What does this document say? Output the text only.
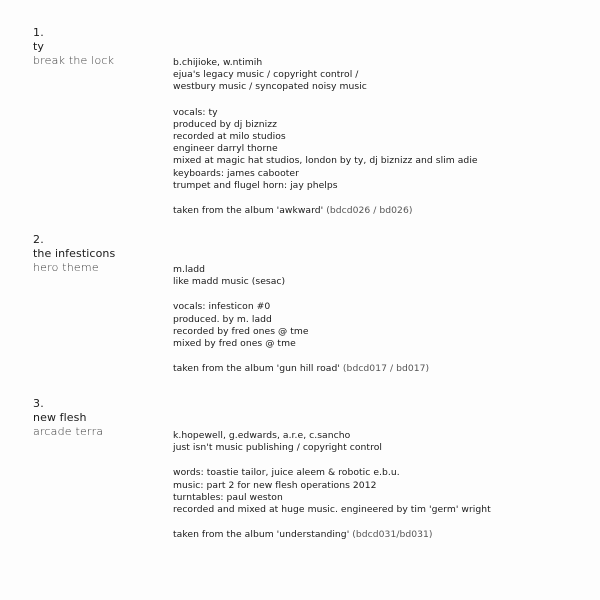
1.
ty
break the lock	b.chijioke, w.ntimih
ejua's legacy music / copyright control /
westbury music / syncopated noisy music
vocals: ty
produced by dj biznizz
recorded at milo studios
engineer darryl thorne
mixed at magic hat studios, london by ty, dj biznizz and slim adie
keyboards: james cabooter
trumpet and flugel horn: jay phelps
taken from the album 'awkward' (bdcd026 / bd026)
2.
the infesticons
hero theme	m.ladd
like madd music (sesac)
vocals: infesticon #0
produced. by m. ladd
recorded by fred ones @ tme
mixed by fred ones @ tme
taken from the album 'gun hill road' (bdcd017 / bd017)
3.
new flesh
arcade terra	k.hopewell, g.edwards, a.r.e, c.sancho
just isn't music publishing / copyright control
words: toastie tailor, juice aleem & robotic e.b.u.
music: part 2 for new flesh operations 2012
turntables: paul weston
recorded and mixed at huge music. engineered by tim 'germ' wright
taken from the album 'understanding' (bdcd031/bd031)
